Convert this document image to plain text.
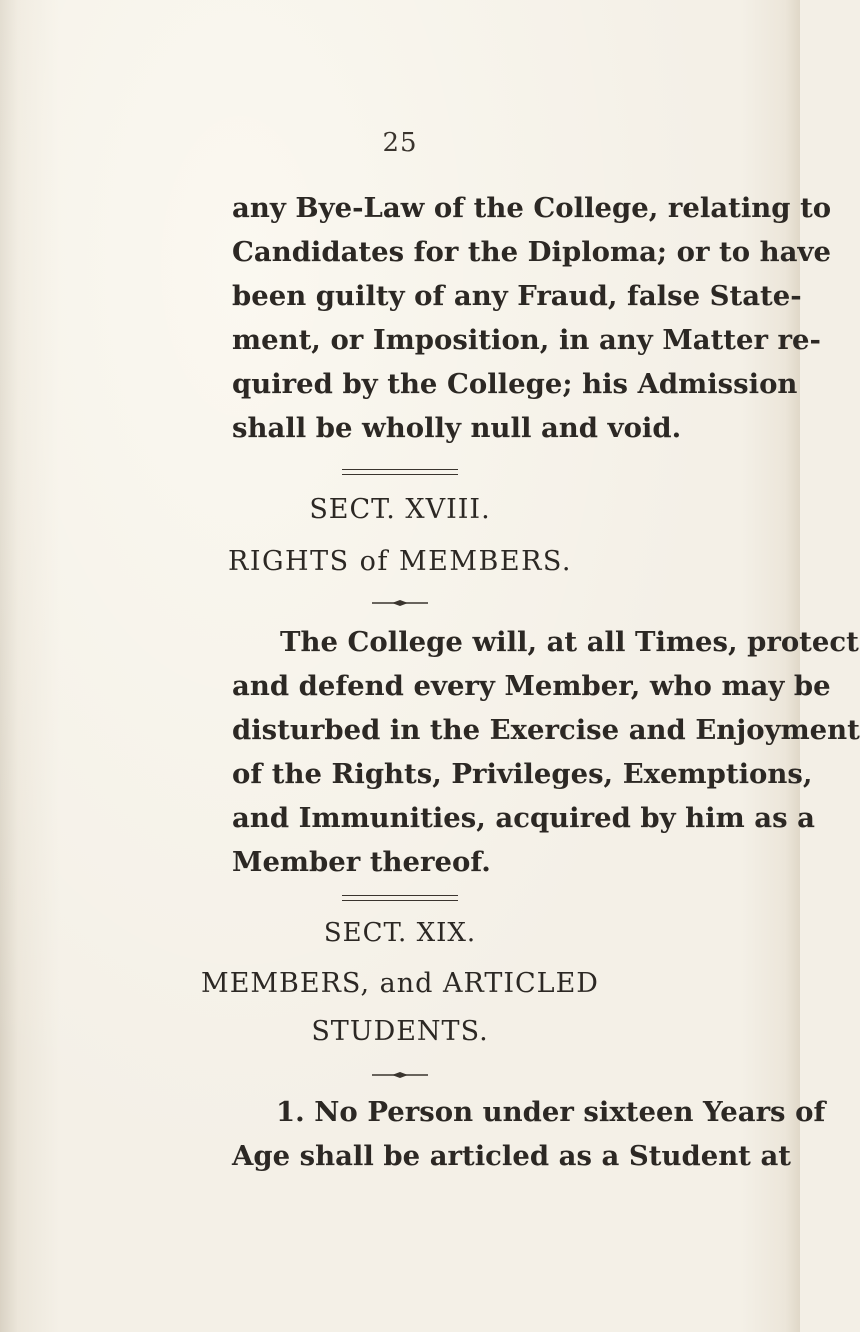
25

any Bye-Law of the College, relating to
Candidates for the Diploma; or to have
been guilty of any Fraud, false State-
ment, or Imposition, in any Matter re-
quired by the College; his Admission
shall be wholly null and void.

SECT. XVIII.
RIGHTS of MEMBERS.

The College will, at all Times, protect

and defend every Member, who may be
disturbed in the Exercise and Enjoyment
of the Rights, Privileges, Exemptions,
and Immunities, acquired by him as a
Member thereof.

SECT. XIX.
MEMBERS, and ARTICLED
STUDENTS.

1. No Person under sixteen Years of

Age shall be articled as a Student at
